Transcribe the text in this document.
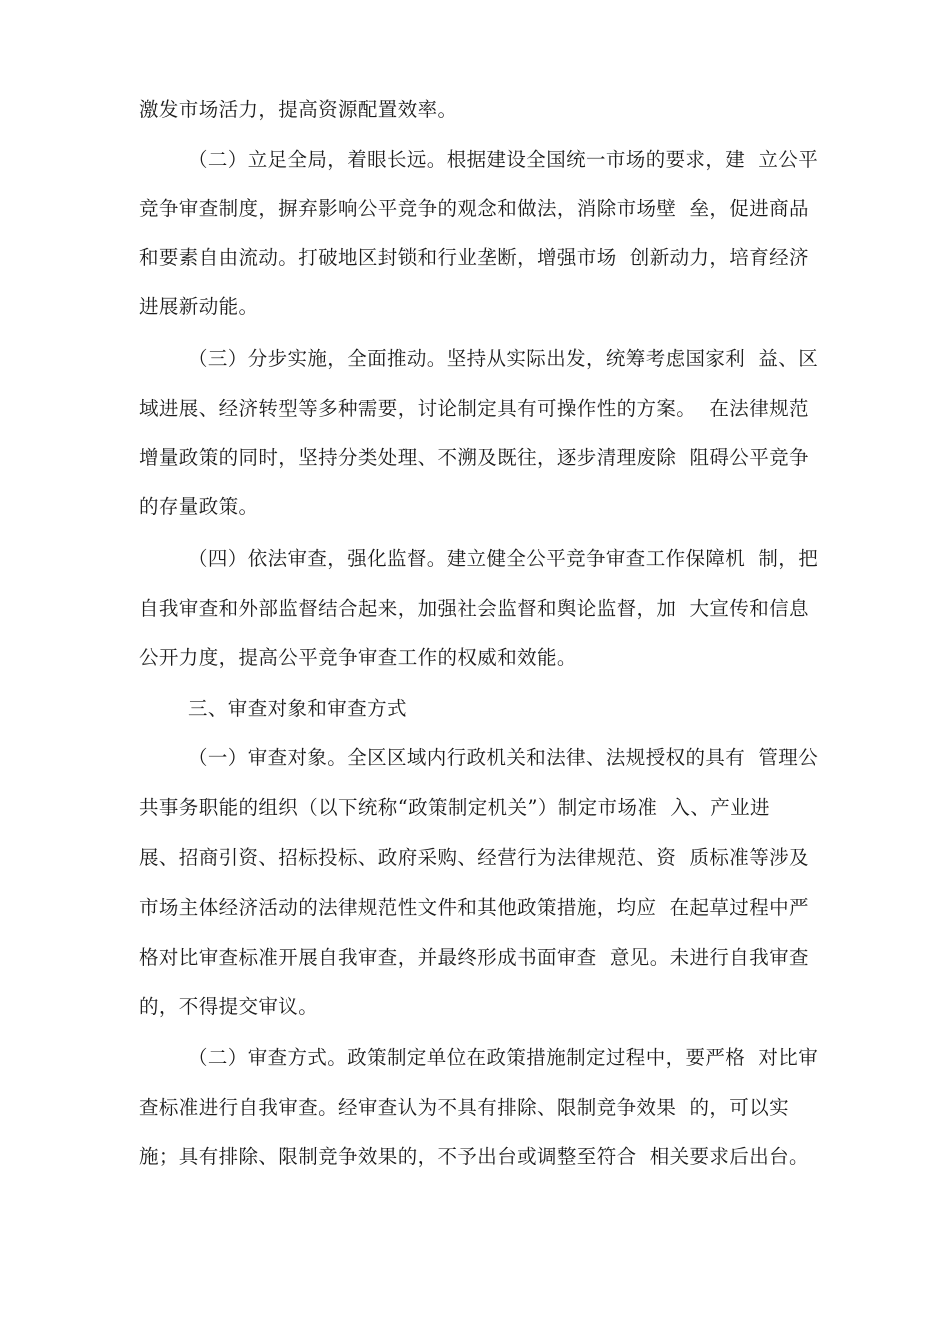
激发市场活力，提高资源配置效率。
（二）立足全局，着眼长远。根据建设全国统一市场的要求，建  立公平
竞争审查制度，摒弃影响公平竞争的观念和做法，消除市场壁  垒，促进商品
和要素自由流动。打破地区封锁和行业垄断，增强市场  创新动力，培育经济
进展新动能。
（三）分步实施，全面推动。坚持从实际出发，统筹考虑国家利  益、区
域进展、经济转型等多种需要，讨论制定具有可操作性的方案。  在法律规范
增量政策的同时，坚持分类处理、不溯及既往，逐步清理废除  阻碍公平竞争
的存量政策。
（四）依法审查，强化监督。建立健全公平竞争审查工作保障机  制，把
自我审查和外部监督结合起来，加强社会监督和舆论监督，加  大宣传和信息
公开力度，提高公平竞争审查工作的权威和效能。
三、审查对象和审查方式
（一）审查对象。全区区域内行政机关和法律、法规授权的具有  管理公
共事务职能的组织（以下统称“政策制定机关”）制定市场准  入、产业进
展、招商引资、招标投标、政府采购、经营行为法律规范、资  质标准等涉及
市场主体经济活动的法律规范性文件和其他政策措施，均应  在起草过程中严
格对比审查标准开展自我审查，并最终形成书面审查  意见。未进行自我审查
的，不得提交审议。
（二）审查方式。政策制定单位在政策措施制定过程中，要严格  对比审
查标准进行自我审查。经审查认为不具有排除、限制竞争效果  的，可以实
施；具有排除、限制竞争效果的，不予出台或调整至符合  相关要求后出台。
